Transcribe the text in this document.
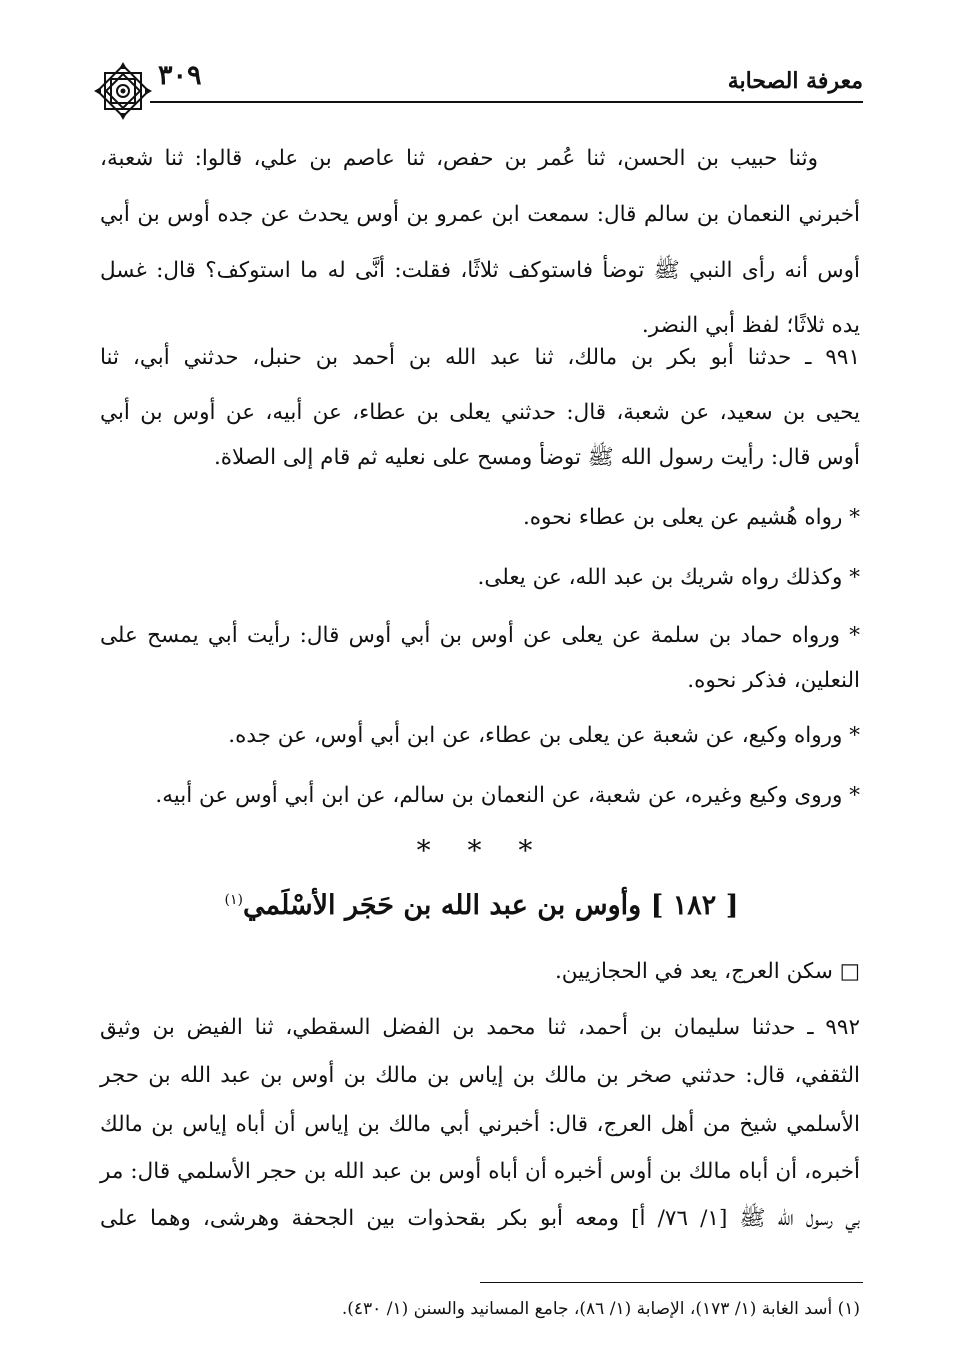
معرفة الصحابة
٣٠٩
وثنا حبيب بن الحسن، ثنا عُمر بن حفص، ثنا عاصم بن علي، قالوا: ثنا شعبة،
أخبرني النعمان بن سالم قال: سمعت ابن عمرو بن أوس يحدث عن جده أوس بن أبي
أوس أنه رأى النبي ﷺ توضأ فاستوكف ثلاثًا، فقلت: أنَّى له ما استوكف؟ قال: غسل
يده ثلاثًا؛ لفظ أبي النضر.
٩٩١ ـ حدثنا أبو بكر بن مالك، ثنا عبد الله بن أحمد بن حنبل، حدثني أبي، ثنا
يحيى بن سعيد، عن شعبة، قال: حدثني يعلى بن عطاء، عن أبيه، عن أوس بن أبي
أوس قال: رأيت رسول الله ﷺ توضأ ومسح على نعليه ثم قام إلى الصلاة.
* رواه هُشيم عن يعلى بن عطاء نحوه.
* وكذلك رواه شريك بن عبد الله، عن يعلى.
* ورواه حماد بن سلمة عن يعلى عن أوس بن أبي أوس قال: رأيت أبي يمسح على
النعلين، فذكر نحوه.
* ورواه وكيع، عن شعبة عن يعلى بن عطاء، عن ابن أبي أوس، عن جده.
* وروى وكيع وغيره، عن شعبة، عن النعمان بن سالم، عن ابن أبي أوس عن أبيه.
* * *
[ ١٨٢ ] وأوس بن عبد الله بن حَجَر الأسْلَمي$^{(١)}$
□ سكن العرج، يعد في الحجازيين.
٩٩٢ ـ حدثنا سليمان بن أحمد، ثنا محمد بن الفضل السقطي، ثنا الفيض بن وثيق
الثقفي، قال: حدثني صخر بن مالك بن إياس بن مالك بن أوس بن عبد الله بن حجر
الأسلمي شيخ من أهل العرج، قال: أخبرني أبي مالك بن إياس أن أباه إياس بن مالك
أخبره، أن أباه مالك بن أوس أخبره أن أباه أوس بن عبد الله بن حجر الأسلمي قال: مر
بي رسول الله ﷺ [١/ ٧٦/ أ] ومعه أبو بكر بقحذوات بين الجحفة وهرشى، وهما على
(١) أسد الغابة (١/ ١٧٣)، الإصابة (١/ ٨٦)، جامع المسانيد والسنن (١/ ٤٣٠).
